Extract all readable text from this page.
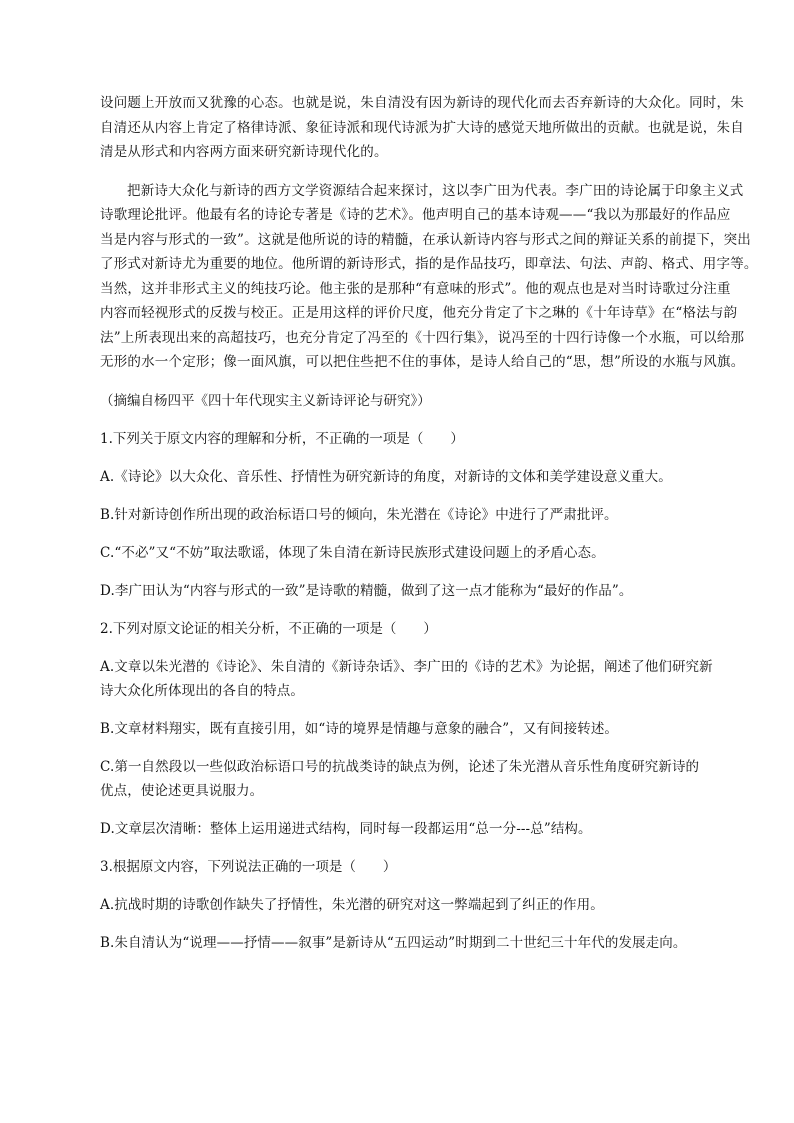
设问题上开放而又犹豫的心态。也就是说，朱自清没有因为新诗的现代化而去否弃新诗的大众化。同时，朱
自清还从内容上肯定了格律诗派、象征诗派和现代诗派为扩大诗的感觉天地所做出的贡献。也就是说，朱自
清是从形式和内容两方面来研究新诗现代化的。

把新诗大众化与新诗的西方文学资源结合起来探讨，这以李广田为代表。李广田的诗论属于印象主义式
诗歌理论批评。他最有名的诗论专著是《诗的艺术》。他声明自己的基本诗观——“我以为那最好的作品应
当是内容与形式的一致”。这就是他所说的诗的精髓，在承认新诗内容与形式之间的辩证关系的前提下，突出
了形式对新诗尤为重要的地位。他所谓的新诗形式，指的是作品技巧，即章法、句法、声韵、格式、用字等。
当然，这并非形式主义的纯技巧论。他主张的是那种“有意味的形式”。他的观点也是对当时诗歌过分注重
内容而轻视形式的反拨与校正。正是用这样的评价尺度，他充分肯定了卞之琳的《十年诗草》在“格法与韵
法”上所表现出来的高超技巧，也充分肯定了冯至的《十四行集》，说冯至的十四行诗像一个水瓶，可以给那
无形的水一个定形；像一面风旗，可以把住些把不住的事体，是诗人给自己的“思，想”所设的水瓶与风旗。

（摘编自杨四平《四十年代现实主义新诗评论与研究》）
1.下列关于原文内容的理解和分析，不正确的一项是（　　）
A.《诗论》以大众化、音乐性、抒情性为研究新诗的角度，对新诗的文体和美学建设意义重大。
B.针对新诗创作所出现的政治标语口号的倾向，朱光潜在《诗论》中进行了严肃批评。
C.“不必”又“不妨”取法歌谣，体现了朱自清在新诗民族形式建设问题上的矛盾心态。
D.李广田认为“内容与形式的一致”是诗歌的精髓，做到了这一点才能称为“最好的作品”。
2.下列对原文论证的相关分析，不正确的一项是（　　）
A.文章以朱光潜的《诗论》、朱自清的《新诗杂话》、李广田的《诗的艺术》为论据，阐述了他们研究新
诗大众化所体现出的各自的特点。
B.文章材料翔实，既有直接引用，如“诗的境界是情趣与意象的融合”，又有间接转述。
C.第一自然段以一些似政治标语口号的抗战类诗的缺点为例，论述了朱光潜从音乐性角度研究新诗的
优点，使论述更具说服力。
D.文章层次清晰：整体上运用递进式结构，同时每一段都运用“总一分---总”结构。
3.根据原文内容，下列说法正确的一项是（　　）
A.抗战时期的诗歌创作缺失了抒情性，朱光潜的研究对这一弊端起到了纠正的作用。
B.朱自清认为“说理——抒情——叙事”是新诗从“五四运动”时期到二十世纪三十年代的发展走向。
